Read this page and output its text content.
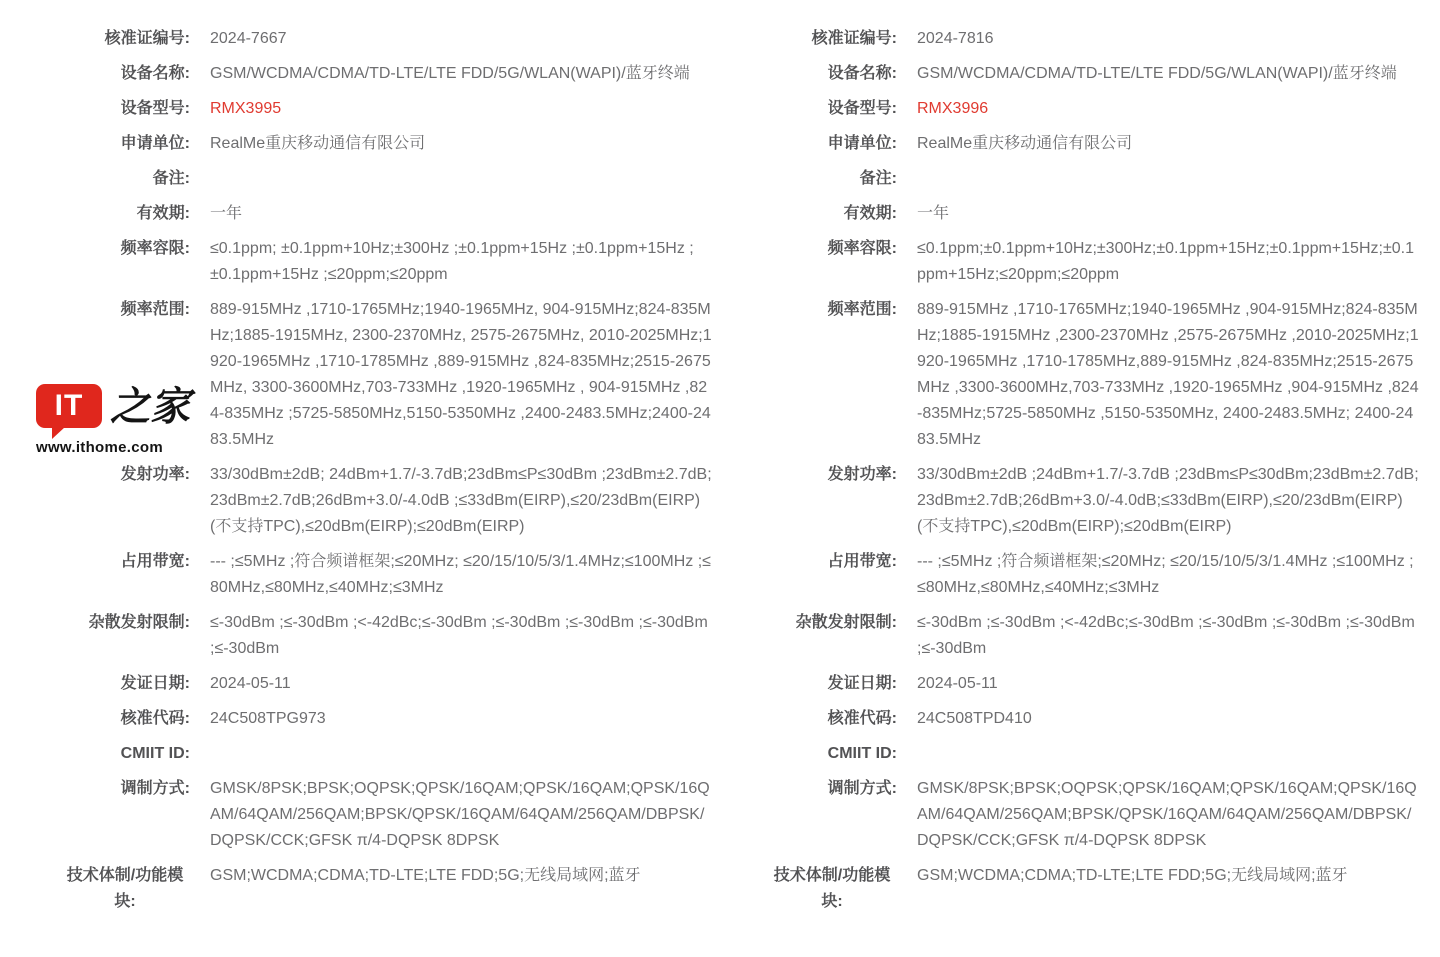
核准证编号: 2024-7667
设备名称: GSM/WCDMA/CDMA/TD-LTE/LTE FDD/5G/WLAN(WAPI)/蓝牙终端
设备型号: RMX3995
申请单位: RealMe重庆移动通信有限公司
备注:
有效期: 一年
频率容限: ≤0.1ppm; ±0.1ppm+10Hz;±300Hz ;±0.1ppm+15Hz ;±0.1ppm+15Hz ;±0.1ppm+15Hz ;≤20ppm;≤20ppm
频率范围: 889-915MHz ,1710-1765MHz;1940-1965MHz, 904-915MHz;824-835MHz;1885-1915MHz, 2300-2370MHz, 2575-2675MHz, 2010-2025MHz;1920-1965MHz ,1710-1785MHz ,889-915MHz ,824-835MHz;2515-2675MHz, 3300-3600MHz,703-733MHz ,1920-1965MHz , 904-915MHz ,824-835MHz ;5725-5850MHz,5150-5350MHz ,2400-2483.5MHz;2400-2483.5MHz
发射功率: 33/30dBm±2dB; 24dBm+1.7/-3.7dB;23dBm≤P≤30dBm ;23dBm±2.7dB;23dBm±2.7dB;26dBm+3.0/-4.0dB ;≤33dBm(EIRP),≤20/23dBm(EIRP)(不支持TPC),≤20dBm(EIRP);≤20dBm(EIRP)
占用带宽: --- ;≤5MHz ;符合频谱框架;≤20MHz; ≤20/15/10/5/3/1.4MHz;≤100MHz ;≤80MHz,≤80MHz,≤40MHz;≤3MHz
杂散发射限制: ≤-30dBm ;≤-30dBm ;<-42dBc;≤-30dBm ;≤-30dBm ;≤-30dBm ;≤-30dBm ;≤-30dBm
发证日期: 2024-05-11
核准代码: 24C508TPG973
CMIIT ID:
调制方式: GMSK/8PSK;BPSK;OQPSK;QPSK/16QAM;QPSK/16QAM;QPSK/16QAM/64QAM/256QAM;BPSK/QPSK/16QAM/64QAM/256QAM/DBPSK/DQPSK/CCK;GFSK π/4-DQPSK 8DPSK
技术体制/功能模块:
GSM;WCDMA;CDMA;TD-LTE;LTE FDD;5G;无线局域网;蓝牙
核准证编号: 2024-7816
设备名称: GSM/WCDMA/CDMA/TD-LTE/LTE FDD/5G/WLAN(WAPI)/蓝牙终端
设备型号: RMX3996
申请单位: RealMe重庆移动通信有限公司
备注:
有效期: 一年
频率容限: ≤0.1ppm;±0.1ppm+10Hz;±300Hz;±0.1ppm+15Hz;±0.1ppm+15Hz;±0.1ppm+15Hz;≤20ppm;≤20ppm
频率范围: 889-915MHz ,1710-1765MHz;1940-1965MHz ,904-915MHz;824-835MHz;1885-1915MHz ,2300-2370MHz ,2575-2675MHz ,2010-2025MHz;1920-1965MHz ,1710-1785MHz,889-915MHz ,824-835MHz;2515-2675MHz ,3300-3600MHz,703-733MHz ,1920-1965MHz ,904-915MHz ,824-835MHz;5725-5850MHz ,5150-5350MHz, 2400-2483.5MHz; 2400-2483.5MHz
发射功率: 33/30dBm±2dB ;24dBm+1.7/-3.7dB ;23dBm≤P≤30dBm;23dBm±2.7dB;23dBm±2.7dB;26dBm+3.0/-4.0dB;≤33dBm(EIRP),≤20/23dBm(EIRP)(不支持TPC),≤20dBm(EIRP);≤20dBm(EIRP)
占用带宽: --- ;≤5MHz ;符合频谱框架;≤20MHz; ≤20/15/10/5/3/1.4MHz ;≤100MHz ;≤80MHz,≤80MHz,≤40MHz;≤3MHz
杂散发射限制: ≤-30dBm ;≤-30dBm ;<-42dBc;≤-30dBm ;≤-30dBm ;≤-30dBm ;≤-30dBm ;≤-30dBm
发证日期: 2024-05-11
核准代码: 24C508TPD410
CMIIT ID:
调制方式: GMSK/8PSK;BPSK;OQPSK;QPSK/16QAM;QPSK/16QAM;QPSK/16QAM/64QAM/256QAM;BPSK/QPSK/16QAM/64QAM/256QAM/DBPSK/DQPSK/CCK;GFSK π/4-DQPSK 8DPSK
技术体制/功能模块:
GSM;WCDMA;CDMA;TD-LTE;LTE FDD;5G;无线局域网;蓝牙
IT 之家
www.ithome.com
